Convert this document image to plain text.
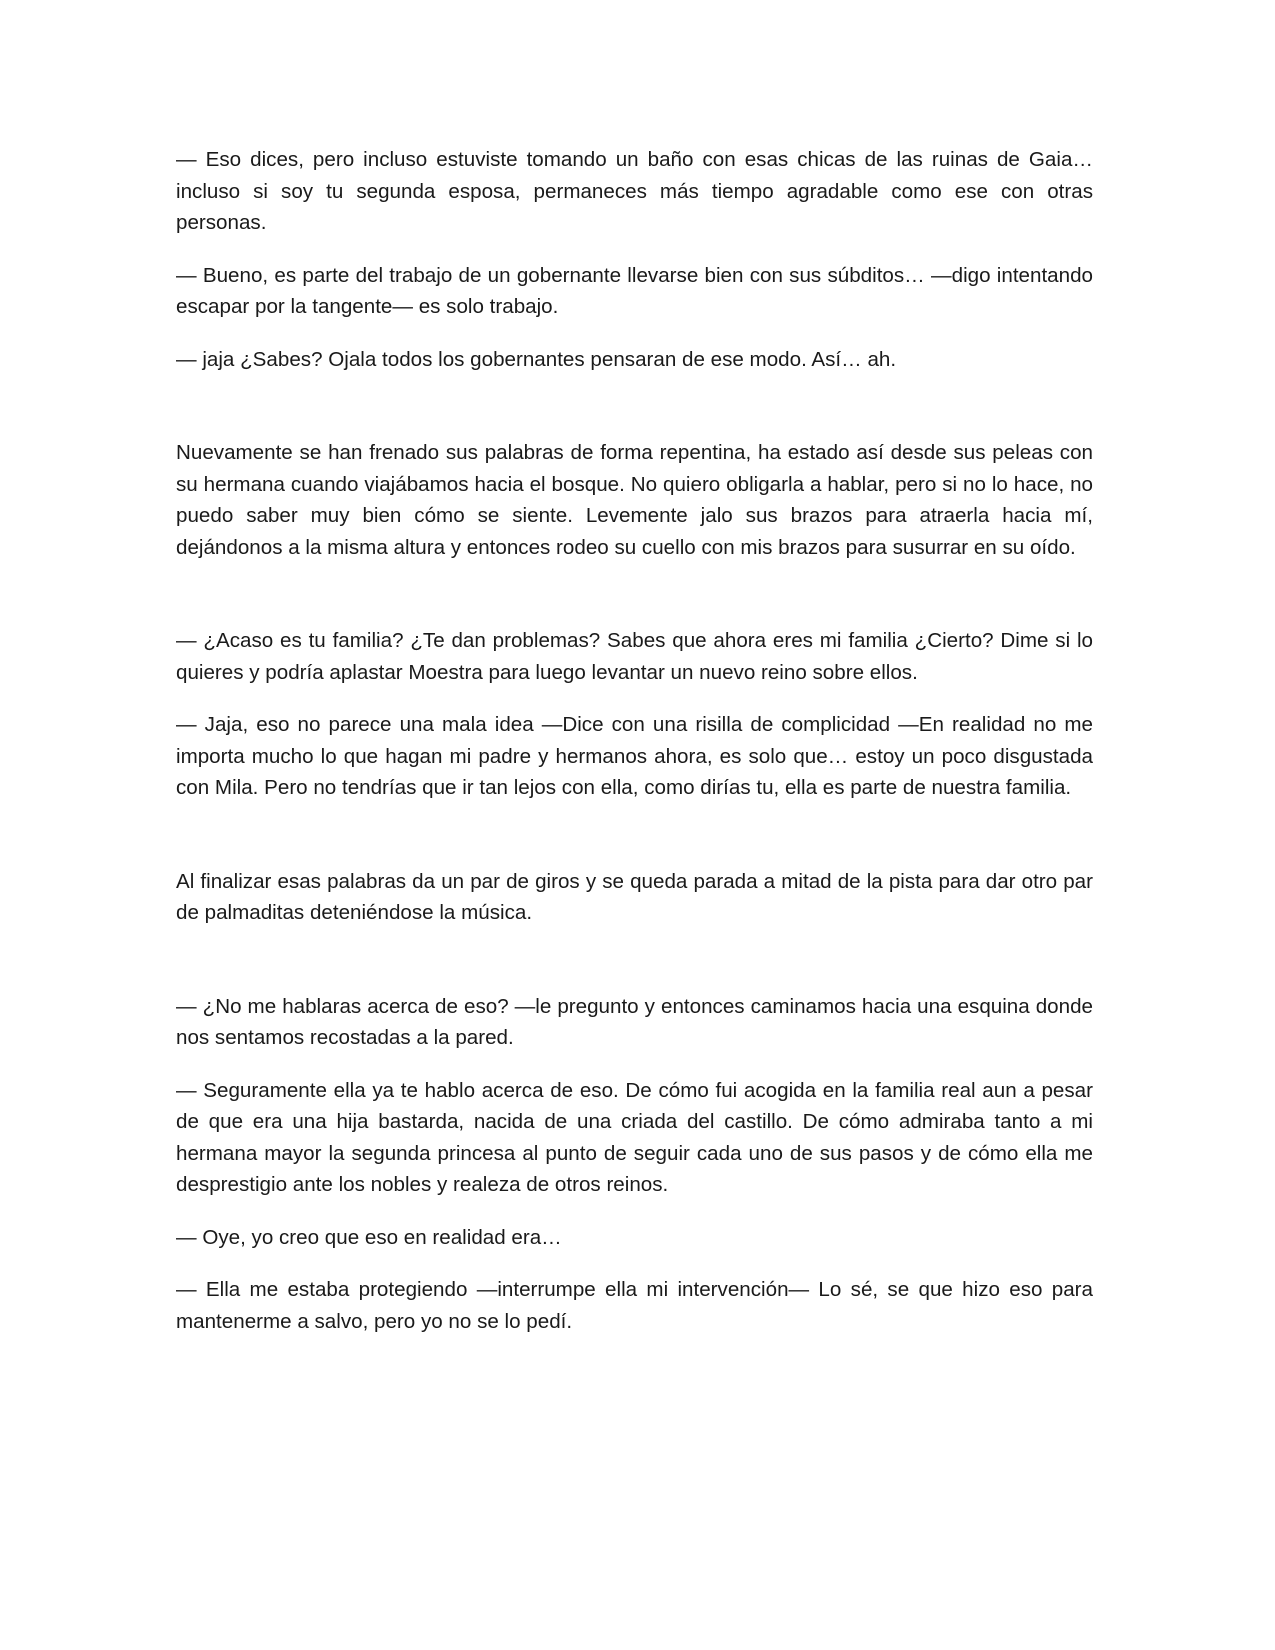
— Eso dices, pero incluso estuviste tomando un baño con esas chicas de las ruinas de Gaia… incluso si soy tu segunda esposa, permaneces más tiempo agradable como ese con otras personas.

— Bueno, es parte del trabajo de un gobernante llevarse bien con sus súbditos… —digo intentando escapar por la tangente— es solo trabajo.

— jaja ¿Sabes? Ojala todos los gobernantes pensaran de ese modo. Así… ah.

Nuevamente se han frenado sus palabras de forma repentina, ha estado así desde sus peleas con su hermana cuando viajábamos hacia el bosque. No quiero obligarla a hablar, pero si no lo hace, no puedo saber muy bien cómo se siente. Levemente jalo sus brazos para atraerla hacia mí, dejándonos a la misma altura y entonces rodeo su cuello con mis brazos para susurrar en su oído.

— ¿Acaso es tu familia? ¿Te dan problemas? Sabes que ahora eres mi familia ¿Cierto? Dime si lo quieres y podría aplastar Moestra para luego levantar un nuevo reino sobre ellos.

— Jaja, eso no parece una mala idea —Dice con una risilla de complicidad —En realidad no me importa mucho lo que hagan mi padre y hermanos ahora, es solo que… estoy un poco disgustada con Mila. Pero no tendrías que ir tan lejos con ella, como dirías tu, ella es parte de nuestra familia.

Al finalizar esas palabras da un par de giros y se queda parada a mitad de la pista para dar otro par de palmaditas deteniéndose la música.

— ¿No me hablaras acerca de eso? —le pregunto y entonces caminamos hacia una esquina donde nos sentamos recostadas a la pared.

— Seguramente ella ya te hablo acerca de eso. De cómo fui acogida en la familia real aun a pesar de que era una hija bastarda, nacida de una criada del castillo. De cómo admiraba tanto a mi hermana mayor la segunda princesa al punto de seguir cada uno de sus pasos y de cómo ella me desprestigio ante los nobles y realeza de otros reinos.

— Oye, yo creo que eso en realidad era…

— Ella me estaba protegiendo —interrumpe ella mi intervención— Lo sé, se que hizo eso para mantenerme a salvo, pero yo no se lo pedí.
